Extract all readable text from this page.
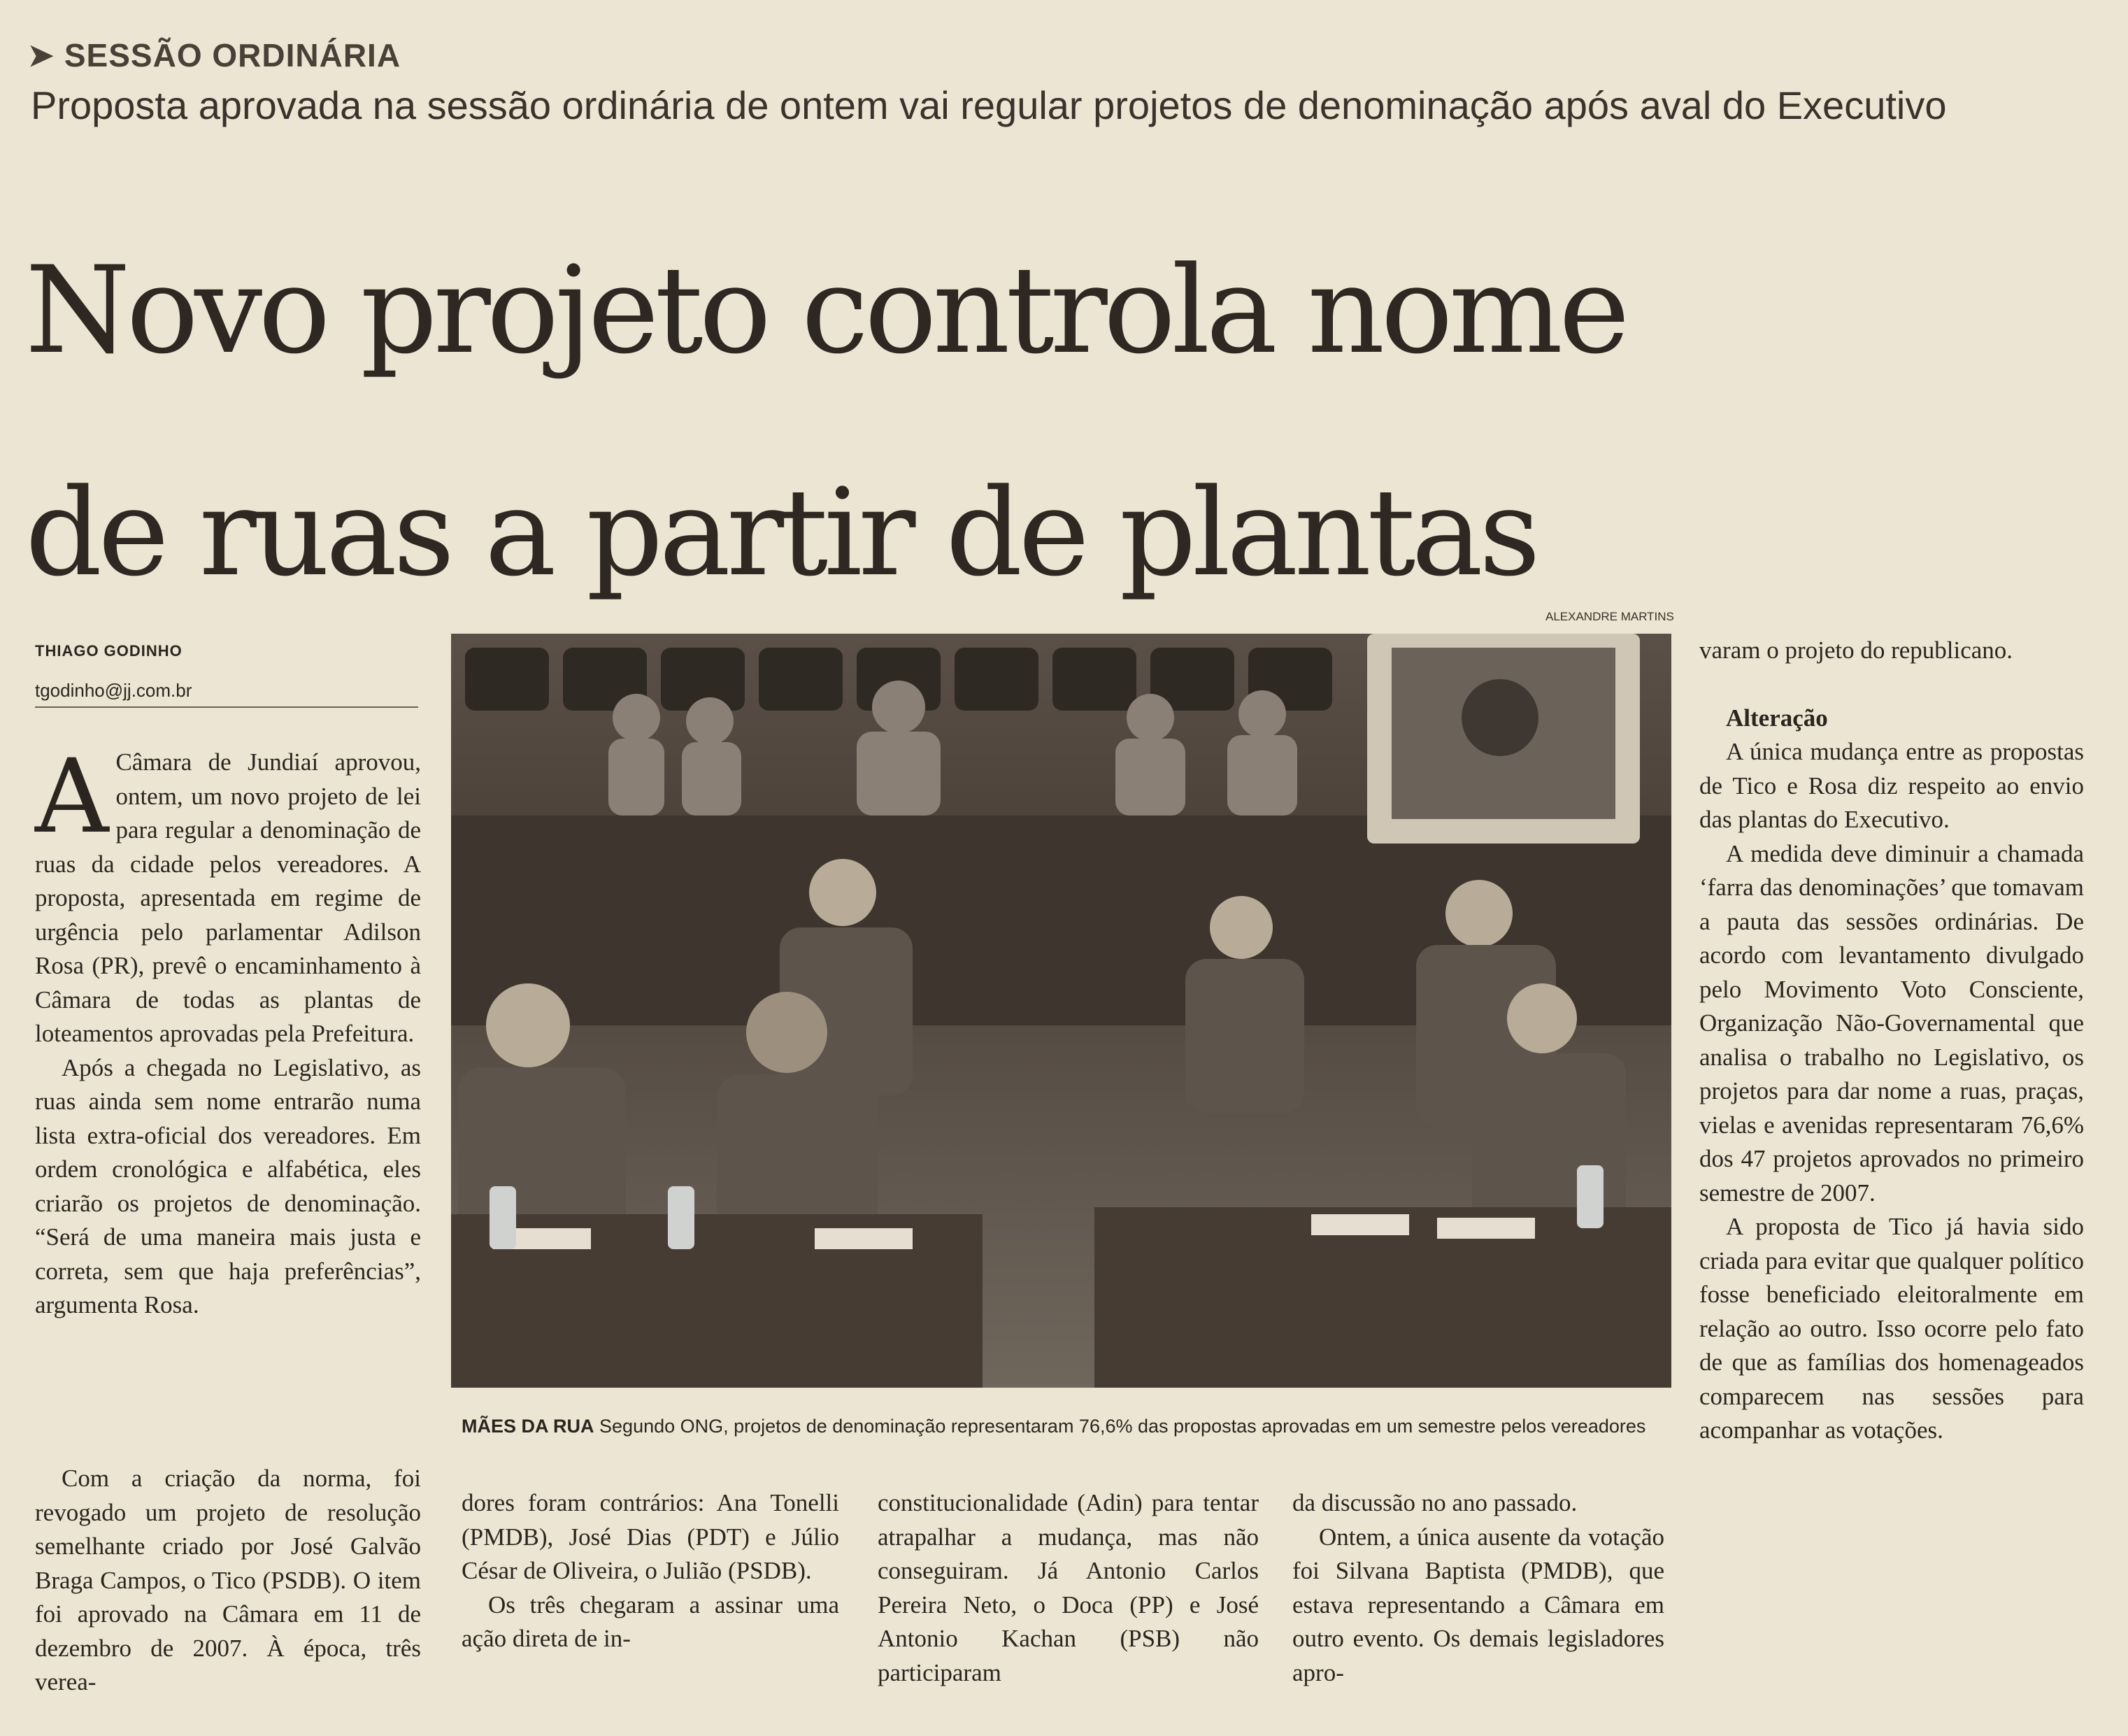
➤ SESSÃO ORDINÁRIA
Proposta aprovada na sessão ordinária de ontem vai regular projetos de denominação após aval do Executivo
Novo projeto controla nome
de ruas a partir de plantas
THIAGO GODINHO
tgodinho@jj.com.br
ALEXANDRE MARTINS
MÃES DA RUA Segundo ONG, projetos de denominação representaram 76,6% das propostas aprovadas em um semestre pelos vereadores
A Câmara de Jundiaí aprovou, ontem, um novo projeto de lei para regular a denominação de ruas da cidade pelos vereadores. A proposta, apresentada em regime de urgência pelo parlamentar Adilson Rosa (PR), prevê o encaminhamento à Câmara de todas as plantas de loteamentos aprovadas pela Prefeitura.

Após a chegada no Legislativo, as ruas ainda sem nome entrarão numa lista extra-oficial dos vereadores. Em ordem cronológica e alfabética, eles criarão os projetos de denominação. “Será de uma maneira mais justa e correta, sem que haja preferências”, argumenta Rosa.

Com a criação da norma, foi revogado um projeto de resolução semelhante criado por José Galvão Braga Campos, o Tico (PSDB). O item foi aprovado na Câmara em 11 de dezembro de 2007. À época, três verea-

dores foram contrários: Ana Tonelli (PMDB), José Dias (PDT) e Júlio César de Oliveira, o Julião (PSDB).

Os três chegaram a assinar uma ação direta de in-

constitucionalidade (Adin) para tentar atrapalhar a mudança, mas não conseguiram. Já Antonio Carlos Pereira Neto, o Doca (PP) e José Antonio Kachan (PSB) não participaram

da discussão no ano passado.

Ontem, a única ausente da votação foi Silvana Baptista (PMDB), que estava representando a Câmara em outro evento. Os demais legisladores apro-

varam o projeto do republicano.

Alteração

A única mudança entre as propostas de Tico e Rosa diz respeito ao envio das plantas do Executivo.

A medida deve diminuir a chamada ‘farra das denominações’ que tomavam a pauta das sessões ordinárias. De acordo com levantamento divulgado pelo Movimento Voto Consciente, Organização Não-Governamental que analisa o trabalho no Legislativo, os projetos para dar nome a ruas, praças, vielas e avenidas representaram 76,6% dos 47 projetos aprovados no primeiro semestre de 2007.

A proposta de Tico já havia sido criada para evitar que qualquer político fosse beneficiado eleitoralmente em relação ao outro. Isso ocorre pelo fato de que as famílias dos homenageados comparecem nas sessões para acompanhar as votações.
